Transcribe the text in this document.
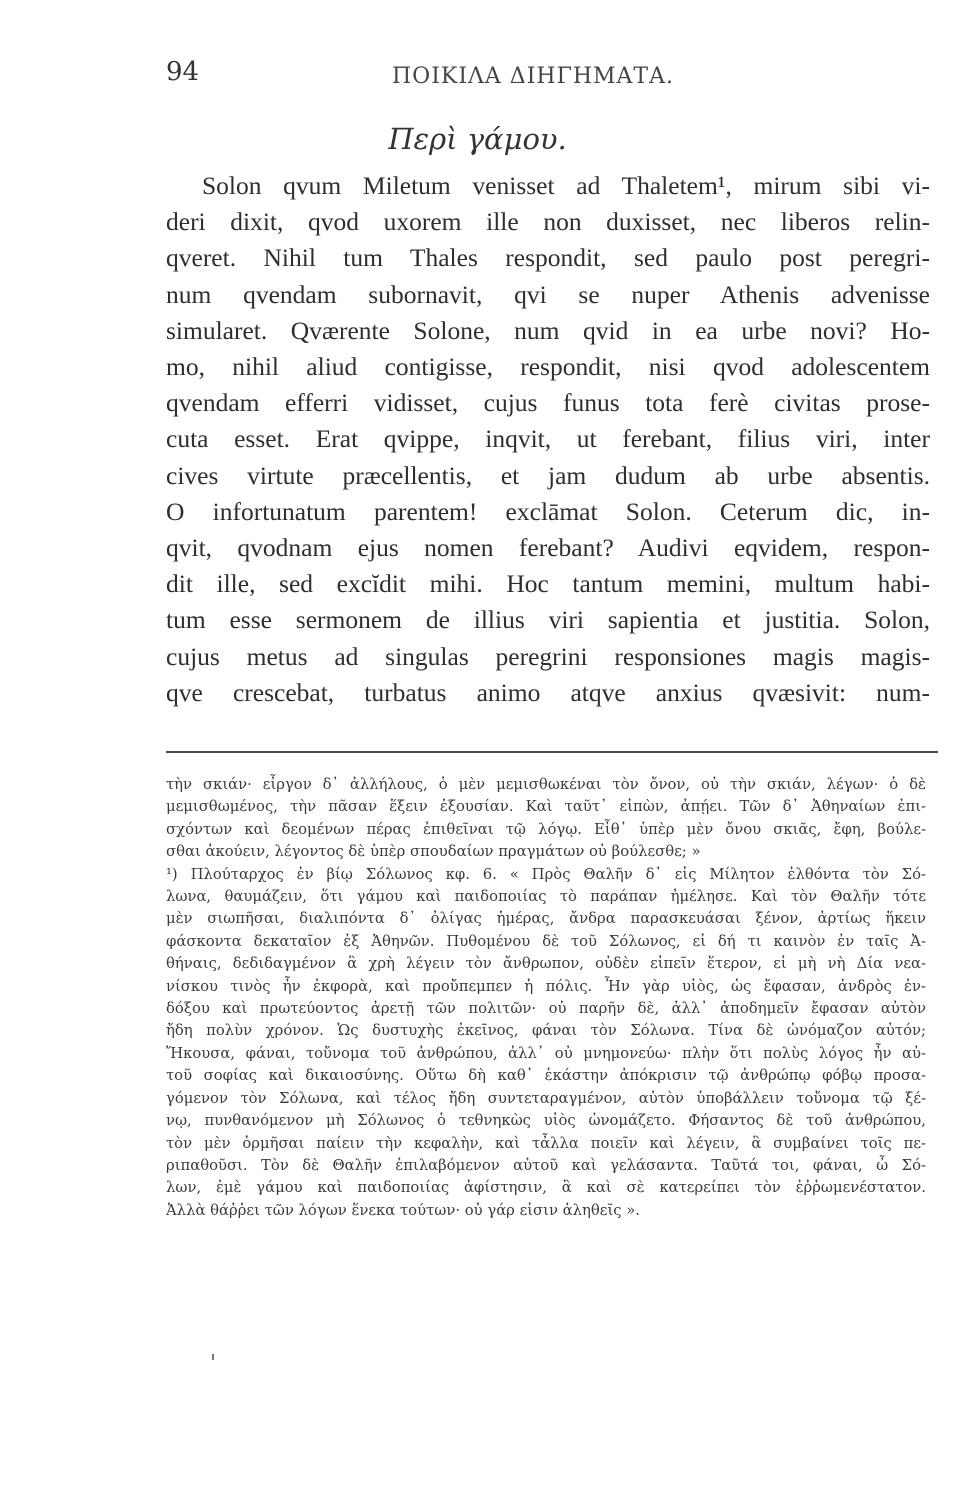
94	ΠΟΙΚΙΛΑ ΔΙΗΓΗΜΑΤΑ.
Περὶ γάμου.
Solon qvum Miletum venisset ad Thaletem¹, mirum sibi vi-
deri dixit, qvod uxorem ille non duxisset, nec liberos relin-
qveret. Nihil tum Thales respondit, sed paulo post peregri-
num qvendam subornavit, qvi se nuper Athenis advenisse
simularet. Qværente Solone, num qvid in ea urbe novi? Ho-
mo, nihil aliud contigisse, respondit, nisi qvod adolescentem
qvendam efferri vidisset, cujus funus tota ferè civitas prose-
cuta esset. Erat qvippe, inqvit, ut ferebant, filius viri, inter
cives virtute præcellentis, et jam dudum ab urbe absentis.
O infortunatum parentem! exclāmat Solon. Ceterum dic, in-
qvit, qvodnam ejus nomen ferebant? Audivi eqvidem, respon-
dit ille, sed excĭdit mihi. Hoc tantum memini, multum habi-
tum esse sermonem de illius viri sapientia et justitia. Solon,
cujus metus ad singulas peregrini responsiones magis magis-
qve crescebat, turbatus animo atqve anxius qvæsivit: num-
τὴν σκιάν· εἶργον δ᾽ ἀλλήλους, ὁ μὲν μεμισθωκέναι τὸν ὄνον, οὐ τὴν σκιάν, λέγων· ὁ δὲ
μεμισθωμένος, τὴν πᾶσαν ἕξειν ἐξουσίαν. Καὶ ταῦτ᾽ εἰπὼν, ἀπῄει. Τῶν δ᾽ Ἀθηναίων ἐπι-
σχόντων καὶ δεομένων πέρας ἐπιθεῖναι τῷ λόγῳ. Εἶθ᾽ ὑπὲρ μὲν ὄνου σκιᾶς, ἔφη, βούλε-
σθαι ἀκούειν, λέγοντος δὲ ὑπὲρ σπουδαίων πραγμάτων οὐ βούλεσθε; »
¹) Πλούταρχος ἐν βίῳ Σόλωνος κφ. 6. « Πρὸς Θαλῆν δ᾽ εἰς Μίλητον ἐλθόντα τὸν Σό-
λωνα, θαυμάζειν, ὅτι γάμου καὶ παιδοποιίας τὸ παράπαν ἠμέλησε. Καὶ τὸν Θαλῆν τότε
μὲν σιωπῆσαι, διαλιπόντα δ᾽ ὀλίγας ἡμέρας, ἄνδρα παρασκευάσαι ξένον, ἀρτίως ἥκειν
φάσκοντα δεκαταῖον ἐξ Ἀθηνῶν. Πυθομένου δὲ τοῦ Σόλωνος, εἰ δή τι καινὸν ἐν ταῖς Ἀ-
θήναις, δεδιδαγμένον ἃ χρὴ λέγειν τὸν ἄνθρωπον, οὐδὲν εἰπεῖν ἕτερον, εἰ μὴ νὴ Δία νεα-
νίσκου τινὸς ἦν ἐκφορὰ, καὶ προὔπεμπεν ἡ πόλις. Ἦν γὰρ υἱὸς, ὡς ἔφασαν, ἀνδρὸς ἐν-
δόξου καὶ πρωτεύοντος ἀρετῇ τῶν πολιτῶν· οὐ παρῆν δὲ, ἀλλ᾽ ἀποδημεῖν ἔφασαν αὐτὸν
ἤδη πολὺν χρόνον. Ὡς δυστυχὴς ἐκεῖνος, φάναι τὸν Σόλωνα. Τίνα δὲ ὠνόμαζον αὐτόν;
Ἤκουσα, φάναι, τοὔνομα τοῦ ἀνθρώπου, ἀλλ᾽ οὐ μνημονεύω· πλὴν ὅτι πολὺς λόγος ἦν αὐ-
τοῦ σοφίας καὶ δικαιοσύνης. Οὕτω δὴ καθ᾽ ἑκάστην ἀπόκρισιν τῷ ἀνθρώπῳ φόβῳ προσα-
γόμενον τὸν Σόλωνα, καὶ τέλος ἤδη συντεταραγμένον, αὐτὸν ὑποβάλλειν τοὔνομα τῷ ξέ-
νῳ, πυνθανόμενον μὴ Σόλωνος ὁ τεθνηκὼς υἱὸς ὠνομάζετο. Φήσαντος δὲ τοῦ ἀνθρώπου,
τὸν μὲν ὁρμῆσαι παίειν τὴν κεφαλὴν, καὶ τἆλλα ποιεῖν καὶ λέγειν, ἃ συμβαίνει τοῖς πε-
ριπαθοῦσι. Τὸν δὲ Θαλῆν ἐπιλαβόμενον αὐτοῦ καὶ γελάσαντα. Ταῦτά τοι, φάναι, ὦ Σό-
λων, ἐμὲ γάμου καὶ παιδοποιίας ἀφίστησιν, ἃ καὶ σὲ κατερείπει τὸν ἐῤῥωμενέστατον.
Ἀλλὰ θάῤῥει τῶν λόγων ἕνεκα τούτων· οὐ γάρ εἰσιν ἀληθεῖς ».
